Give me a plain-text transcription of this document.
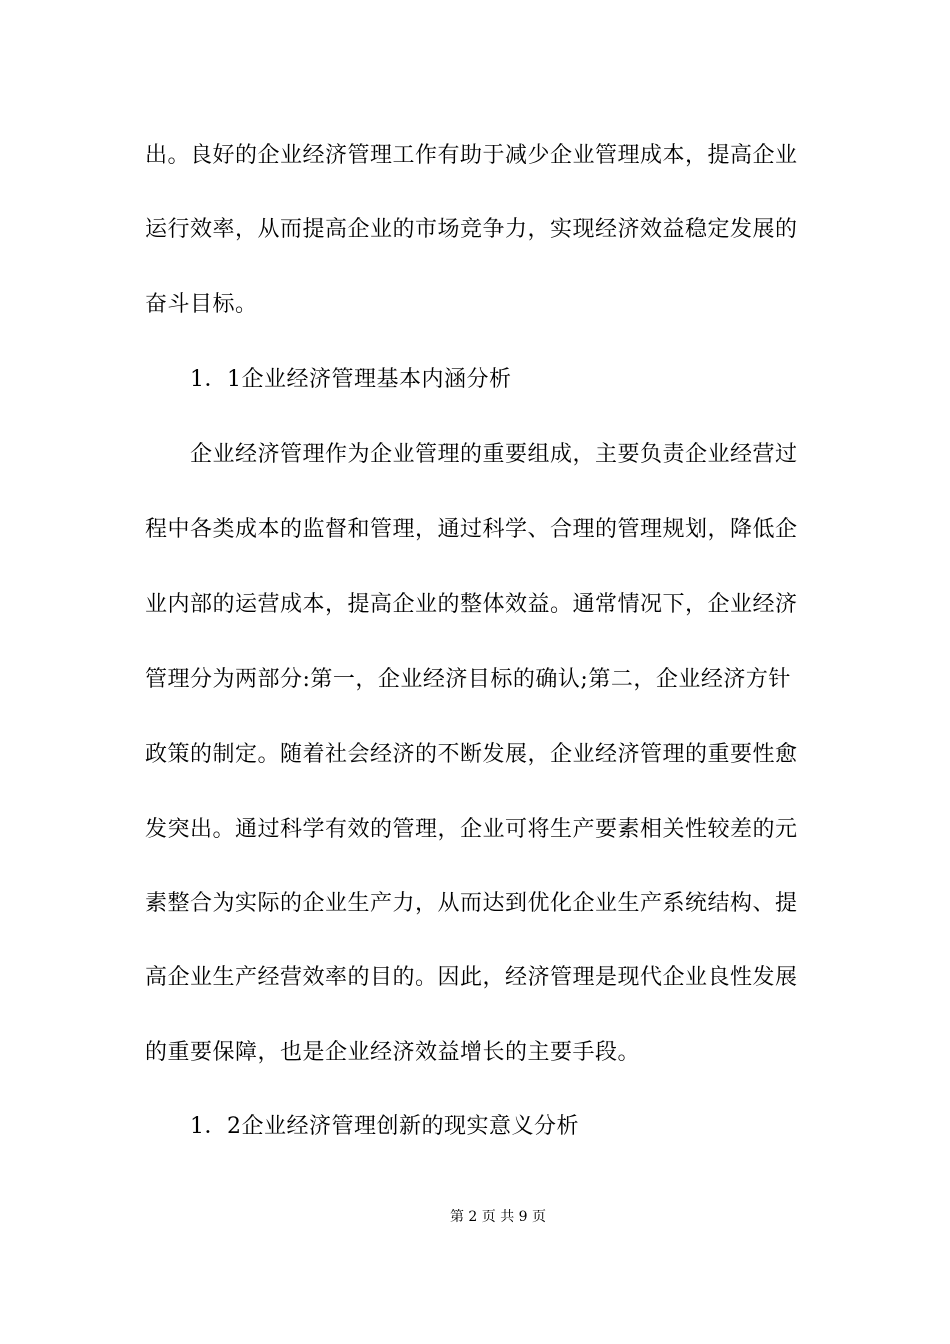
出。良好的企业经济管理工作有助于减少企业管理成本，提高企业
运行效率，从而提高企业的市场竞争力，实现经济效益稳定发展的
奋斗目标。
1．1企业经济管理基本内涵分析
企业经济管理作为企业管理的重要组成，主要负责企业经营过
程中各类成本的监督和管理，通过科学、合理的管理规划，降低企
业内部的运营成本，提高企业的整体效益。通常情况下，企业经济
管理分为两部分:第一，企业经济目标的确认;第二，企业经济方针
政策的制定。随着社会经济的不断发展，企业经济管理的重要性愈
发突出。通过科学有效的管理，企业可将生产要素相关性较差的元
素整合为实际的企业生产力，从而达到优化企业生产系统结构、提
高企业生产经营效率的目的。因此，经济管理是现代企业良性发展
的重要保障，也是企业经济效益增长的主要手段。
1．2企业经济管理创新的现实意义分析
第 2 页 共 9 页
